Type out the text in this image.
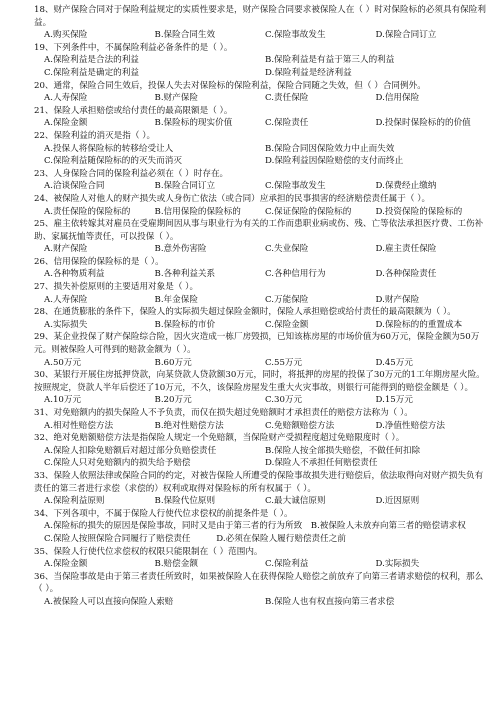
18、财产保险合同对于保险利益规定的实质性要求是，财产保险合同要求被保险人在（ ）时对保险标的必须具有保险利益。
A.购买保险	B.保险合同生效	C.保险事故发生	D.保险合同订立
19、下列条件中，不属保险利益必备条件的是（ ）。
A.保险利益是合法的利益	B.保险利益是有益于第三人的利益
C.保险利益是确定的利益	D.保险利益是经济利益
20、通常，保险合同生效后，投保人失去对保险标的保险利益，保险合同随之失效，但（ ）合同例外。
A.人寿保险	B.财产保险	C.责任保险	D.信用保险
21、保险人承担赔偿或给付责任的最高限额是（ ）。
A.保险金额	B.保险标的现实价值	C.保险责任	D.投保时保险标的的价值
22、保险利益的消灭是指（ ）。
A.投保人将保险标的转移给受让人	B.保险合同因保险效力中止而失效
C.保险利益随保险标的的灭失而消灭	D.保险利益因保险赔偿的支付而终止
23、人身保险合同的保险利益必须在（ ）时存在。
A.洽谈保险合同	B.保险合同订立	C.保险事故发生	D.保费经止缴纳
24、被保险人对他人的财产损失或人身伤亡依法（或合同）应承担的民事损害的经济赔偿责任属于（ ）。
A.责任保险的保险标的	B.信用保险的保险标的	C.保证保险的保险标的	D.投资保险的保险标的
25、雇主依转嫁其对雇员在受雇期间因从事与职业行为有关的工作而患职业病或伤、残、亡等依法承担医疗费、工伤补助、家属抚恤等责任，可以投保（ ）。
A.财产保险	B.意外伤害险	C.失业保险	D.雇主责任保险
26、信用保险的保险标的是（ ）。
A.各种物质利益	B.各种利益关系	C.各种信用行为	D.各种保险责任
27、损失补偿原则的主要适用对象是（ ）。
A.人寿保险	B.年金保险	C.万能保险	D.财产保险
28、在通货膨胀的条件下，保险人的实际损失超过保险金额时，保险人承担赔偿或给付责任的最高限额为（ ）。
A.实际损失	B.保险标的市价	C.保险金额	D.保险标的的重置成本
29、某企业投保了财产保险综合险，因火灾造成一栋厂房毁损，已知该栋房屋的市场价值为60万元，保险金额为50万元。则被保险人可得到的赔款金额为（ ）。
A.50万元	B.60万元	C.55万元	D.45万元
30、某银行开展住房抵押贷款，向某贷款人贷款额30万元，同时，将抵押的房屋的投保了30万元的1工年期房屋火险。按照规定，贷款人半年后偿还了10万元，不久，该保险房屋发生重大火灾事故，则银行可能得到的赔偿金额是（ ）。
A.10万元	B.20万元	C.30万元	D.15万元
31、对免赔额内的损失保险人不予负责，而仅在损失超过免赔额时才承担责任的赔偿方法称为（ ）。
A.相对性赔偿方法	B.绝对性赔偿方法	C.免赔额赔偿方法	D.净值性赔偿方法
32、绝对免赔额赔偿方法是指保险人规定一个免赔额，当保险财产受损程度超过免赔限度时（ ）。
A.保险人扣除免赔额后对超过部分负赔偿责任	B.保险人按全部损失赔偿，不做任何扣除
C.保险人只对免赔额内的损失给予赔偿	D.保险人不承担任何赔偿责任
33、保险人依照法律或保险合同的约定，对被告保险人所遭受的保险事故损失进行赔偿后，依法取得向对财产损失负有责任的第三者进行求偿（求偿的）权利或取得对保险标的所有权属于（ ）。
A.保险利益原则	B.保险代位原则	C.最大诚信原则	D.近因原则
34、下列各项中，不属于保险人行使代位求偿权的前提条件是（ ）。
A.保险标的损失的原因是保险事故，同时又是由于第三者的行为所致　B.被保险人未放弃向第三者的赔偿请求权
C.保险人按照保险合同履行了赔偿责任　　　D.必须在保险人履行赔偿责任之前
35、保险人行使代位求偿权的权限只能限制在（ ）范围内。
A.保险金额	B.赔偿金额	C.保险利益	D.实际损失
36、当保险事故是由于第三者责任所致时，如果被保险人在获得保险人赔偿之前放弃了向第三者请求赔偿的权利，那么（ ）。
A.被保险人可以直接向保险人索赔	B.保险人也有权直接向第三者求偿
